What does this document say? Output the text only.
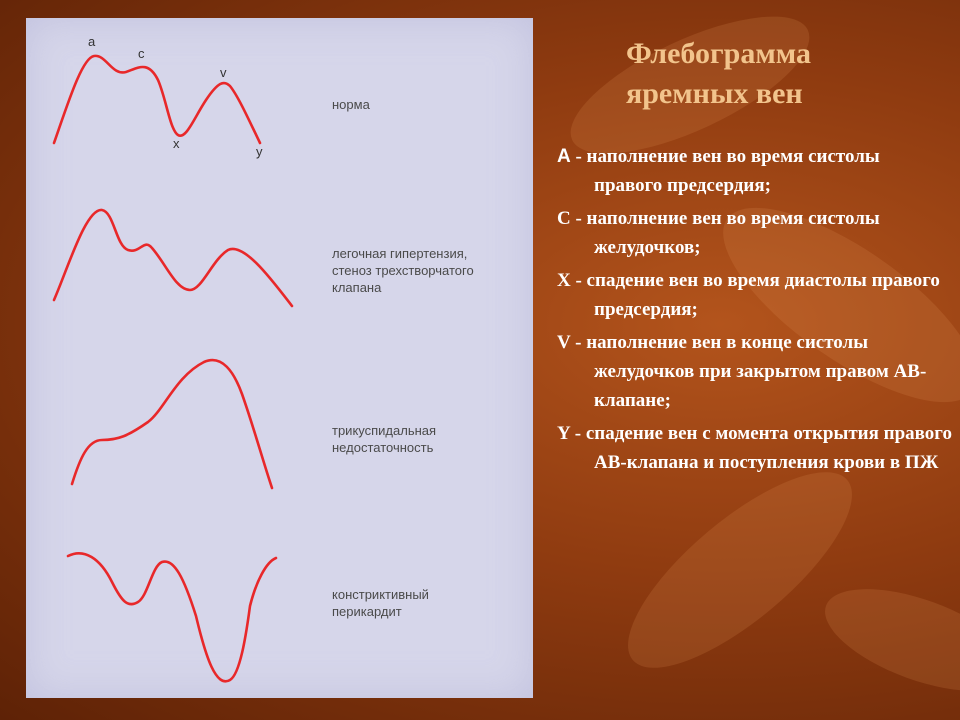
a
c
v
x
y
норма
легочная гипертензия,
стеноз трехстворчатого
клапана
трикуспидальная
недостаточность
констриктивный
перикардит
Флебограмма
яремных вен
А - наполнение вен во время систолы правого предсердия;
С - наполнение вен во время систолы желудочков;
Х - спадение вен во время диастолы правого предсердия;
V - наполнение вен в конце систолы желудочков при закрытом правом АВ-клапане;
Y - спадение вен с момента открытия правого АВ-клапана и поступления крови в ПЖ
